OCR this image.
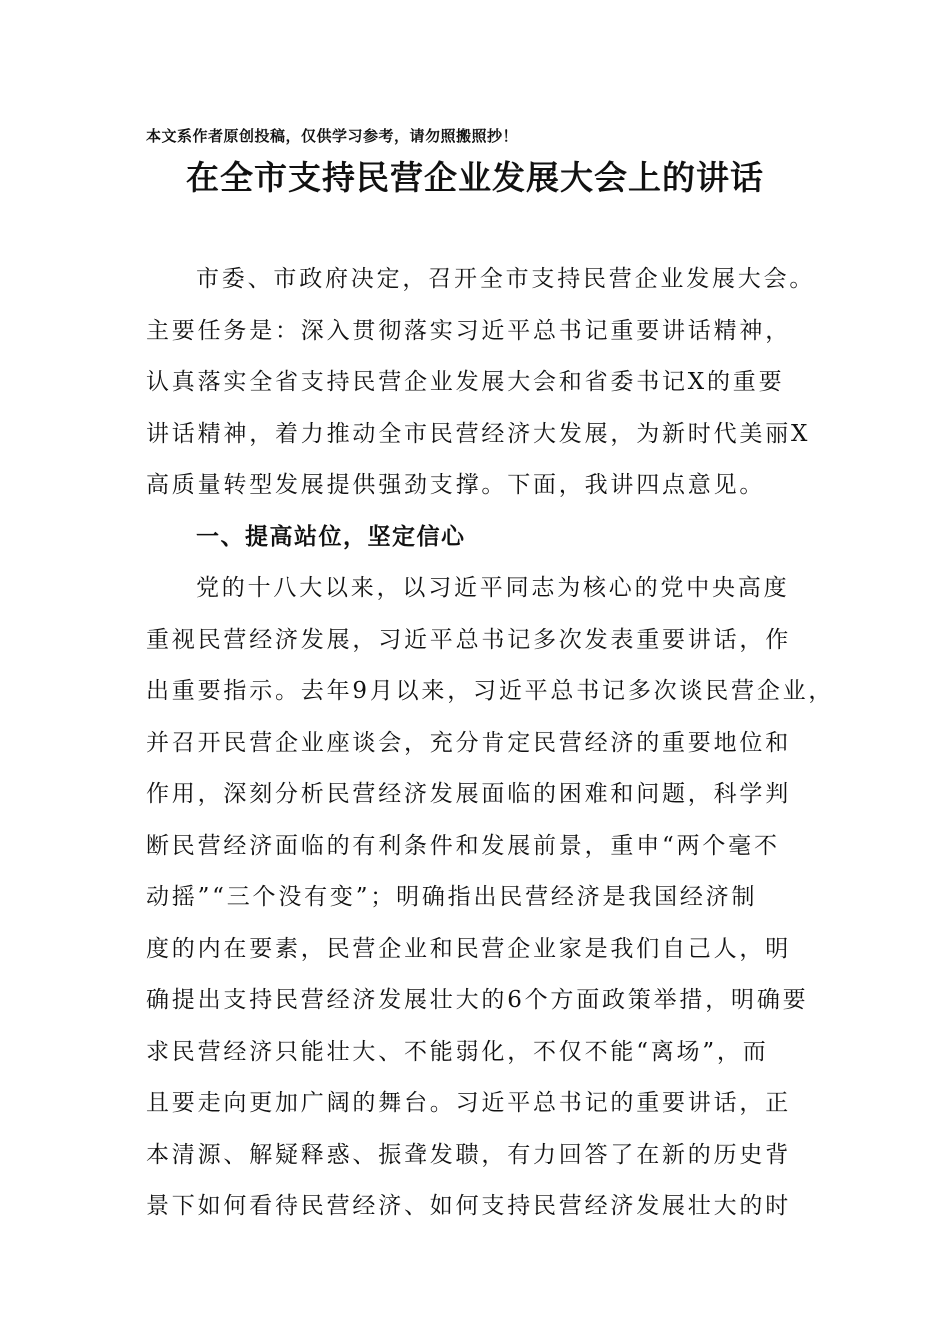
本文系作者原创投稿，仅供学习参考，请勿照搬照抄！
在全市支持民营企业发展大会上的讲话
市委、市政府决定，召开全市支持民营企业发展大会。
主要任务是：深入贯彻落实习近平总书记重要讲话精神，
认真落实全省支持民营企业发展大会和省委书记X的重要
讲话精神，着力推动全市民营经济大发展，为新时代美丽X
高质量转型发展提供强劲支撑。下面，我讲四点意见。
一、提高站位，坚定信心
党的十八大以来，以习近平同志为核心的党中央高度
重视民营经济发展，习近平总书记多次发表重要讲话，作
出重要指示。去年9月以来，习近平总书记多次谈民营企业，
并召开民营企业座谈会，充分肯定民营经济的重要地位和
作用，深刻分析民营经济发展面临的困难和问题，科学判
断民营经济面临的有利条件和发展前景，重申“两个毫不
动摇”“三个没有变”；明确指出民营经济是我国经济制
度的内在要素，民营企业和民营企业家是我们自己人，明
确提出支持民营经济发展壮大的6个方面政策举措，明确要
求民营经济只能壮大、不能弱化，不仅不能“离场”，而
且要走向更加广阔的舞台。习近平总书记的重要讲话，正
本清源、解疑释惑、振聋发聩，有力回答了在新的历史背
景下如何看待民营经济、如何支持民营经济发展壮大的时
